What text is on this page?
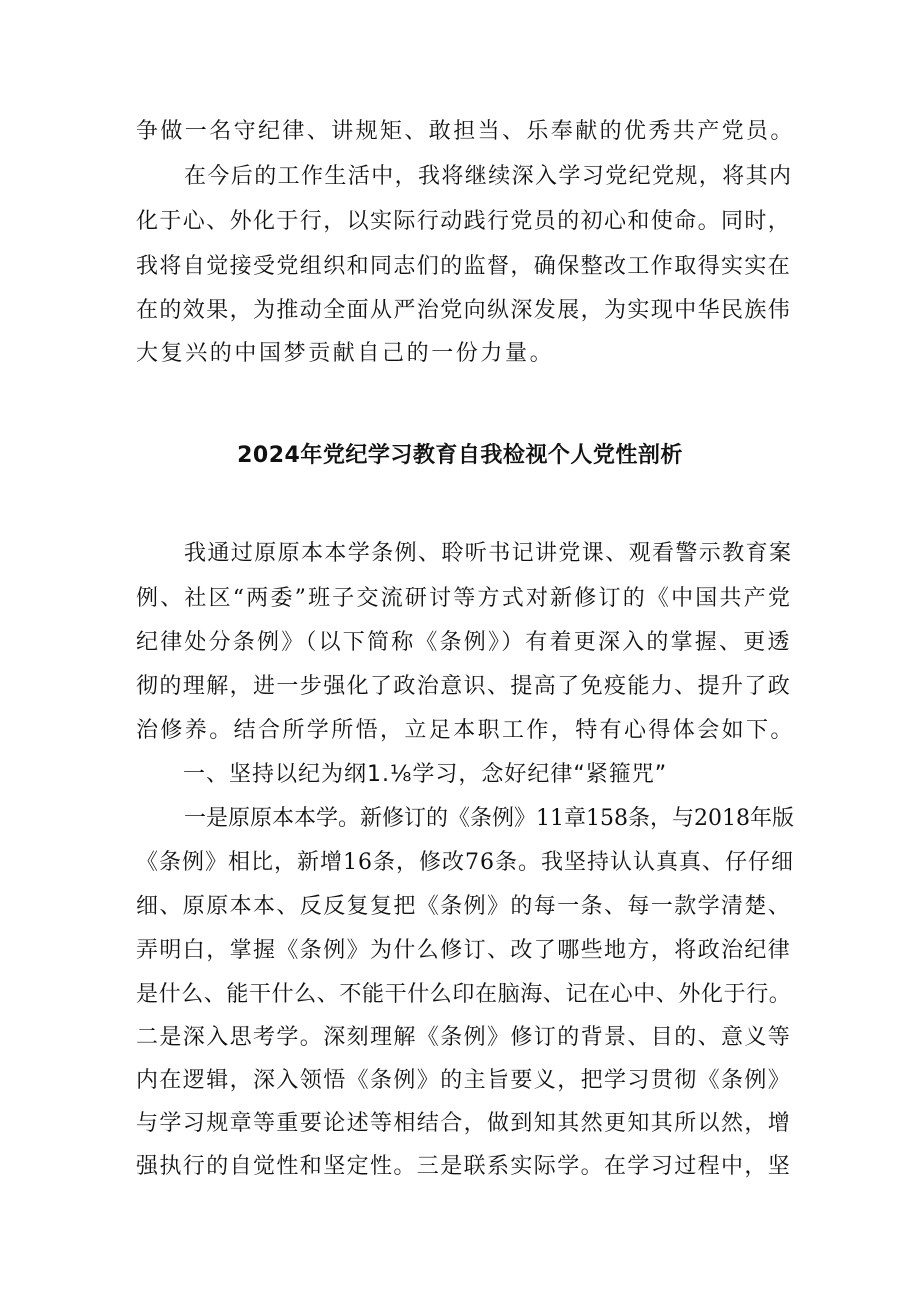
争做一名守纪律、讲规矩、敢担当、乐奉献的优秀共产党员。
在今后的工作生活中，我将继续深入学习党纪党规，将其内
化于心、外化于行，以实际行动践行党员的初心和使命。同时，
我将自觉接受党组织和同志们的监督，确保整改工作取得实实在
在的效果，为推动全面从严治党向纵深发展，为实现中华民族伟
大复兴的中国梦贡献自己的一份力量。
2024年党纪学习教育自我检视个人党性剖析
我通过原原本本学条例、聆听书记讲党课、观看警示教育案
例、社区“两委”班子交流研讨等方式对新修订的《中国共产党
纪律处分条例》（以下简称《条例》）有着更深入的掌握、更透
彻的理解，进一步强化了政治意识、提高了免疫能力、提升了政
治修养。结合所学所悟，立足本职工作，特有心得体会如下。
一、坚持以纪为纲1.⅛学习，念好纪律“紧箍咒”
一是原原本本学。新修订的《条例》11章158条，与2018年版
《条例》相比，新增16条，修改76条。我坚持认认真真、仔仔细
细、原原本本、反反复复把《条例》的每一条、每一款学清楚、
弄明白，掌握《条例》为什么修订、改了哪些地方，将政治纪律
是什么、能干什么、不能干什么印在脑海、记在心中、外化于行。
二是深入思考学。深刻理解《条例》修订的背景、目的、意义等
内在逻辑，深入领悟《条例》的主旨要义，把学习贯彻《条例》
与学习规章等重要论述等相结合，做到知其然更知其所以然，增
强执行的自觉性和坚定性。三是联系实际学。在学习过程中，坚
